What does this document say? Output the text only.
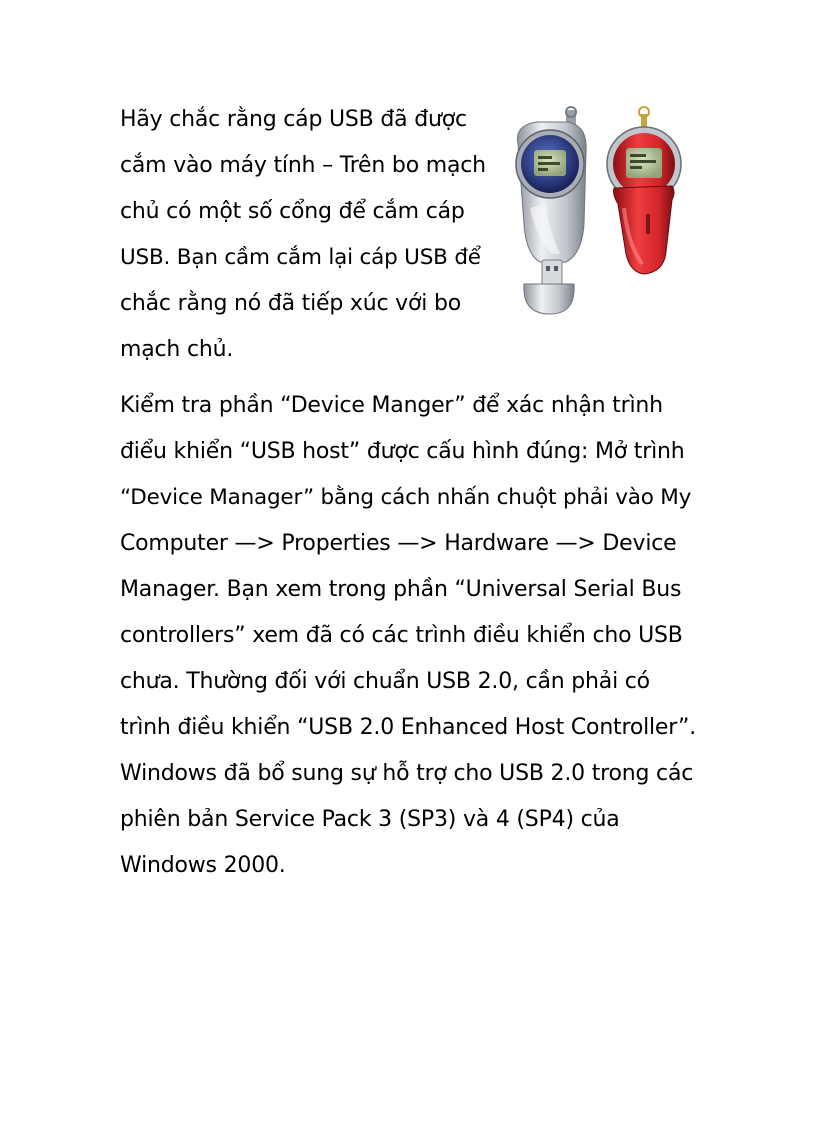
Hãy chắc rằng cáp USB đã được
cắm vào máy tính – Trên bo mạch
chủ có một số cổng để cắm cáp
USB. Bạn cầm cắm lại cáp USB để
chắc rằng nó đã tiếp xúc với bo
mạch chủ.
Kiểm tra phần “Device Manger” để xác nhận trình
điểu khiển “USB host” được cấu hình đúng: Mở trình
“Device Manager” bằng cách nhấn chuột phải vào My
Computer —> Properties —> Hardware —> Device
Manager. Bạn xem trong phần “Universal Serial Bus
controllers” xem đã có các trình điều khiển cho USB
chưa. Thường đối với chuẩn USB 2.0, cần phải có
trình điều khiển “USB 2.0 Enhanced Host Controller”.
Windows đã bổ sung sự hỗ trợ cho USB 2.0 trong các
phiên bản Service Pack 3 (SP3) và 4 (SP4) của
Windows 2000.
